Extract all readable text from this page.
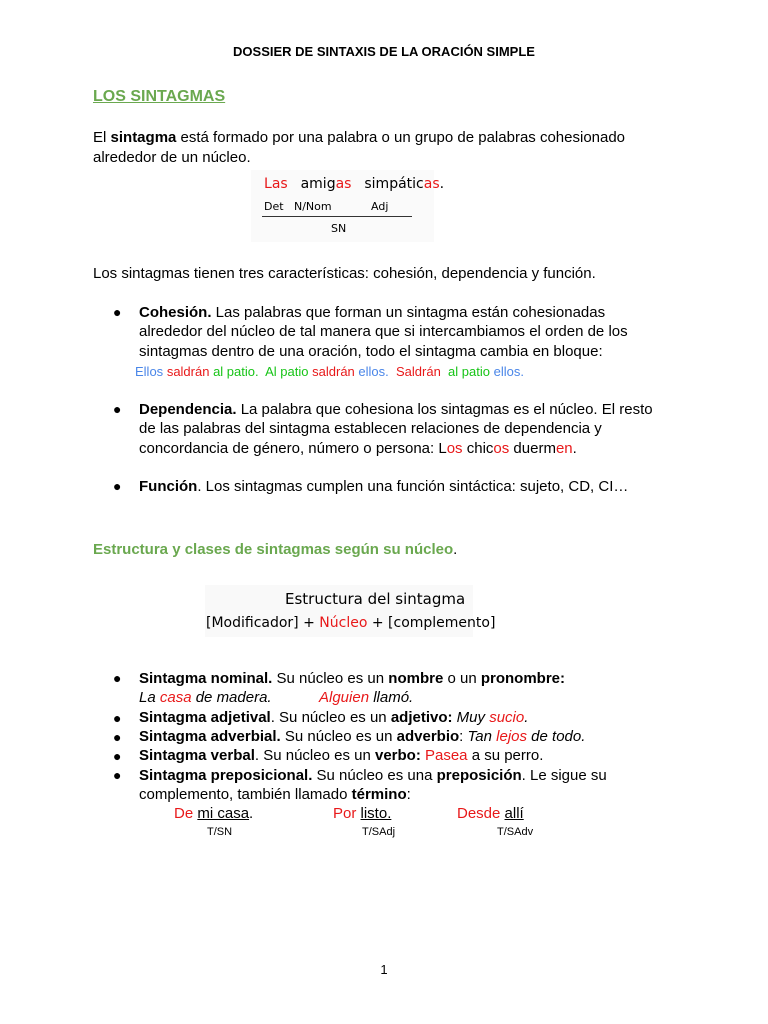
DOSSIER DE SINTAXIS DE LA ORACIÓN SIMPLE
LOS SINTAGMAS
El sintagma está formado por una palabra o un grupo de palabras cohesionado
alrededor de un núcleo.
Las amigas simpáticas.
Det N/Nom	Adj
SN
Los sintagmas tienen tres características: cohesión, dependencia y función.
● Cohesión. Las palabras que forman un sintagma están cohesionadas
alrededor del núcleo de tal manera que si intercambiamos el orden de los
sintagmas dentro de una oración, todo el sintagma cambia en bloque:
Ellos saldrán al patio. Al patio saldrán ellos. Saldrán al patio ellos.
● Dependencia. La palabra que cohesiona los sintagmas es el núcleo. El resto
de las palabras del sintagma establecen relaciones de dependencia y
concordancia de género, número o persona: Los chicos duermen.
● Función. Los sintagmas cumplen una función sintáctica: sujeto, CD, CI…
Estructura y clases de sintagmas según su núcleo.
Estructura del sintagma
[Modificador] + Núcleo + [complemento]
● Sintagma nominal. Su núcleo es un nombre o un pronombre:
La casa de madera.	Alguien llamó.
● Sintagma adjetival. Su núcleo es un adjetivo: Muy sucio.
● Sintagma adverbial. Su núcleo es un adverbio: Tan lejos de todo.
● Sintagma verbal. Su núcleo es un verbo: Pasea a su perro.
● Sintagma preposicional. Su núcleo es una preposición. Le sigue su
complemento, también llamado término:
De mi casa.
T/SN
Por listo.
T/SAdj
Desde allí
T/SAdv
1
